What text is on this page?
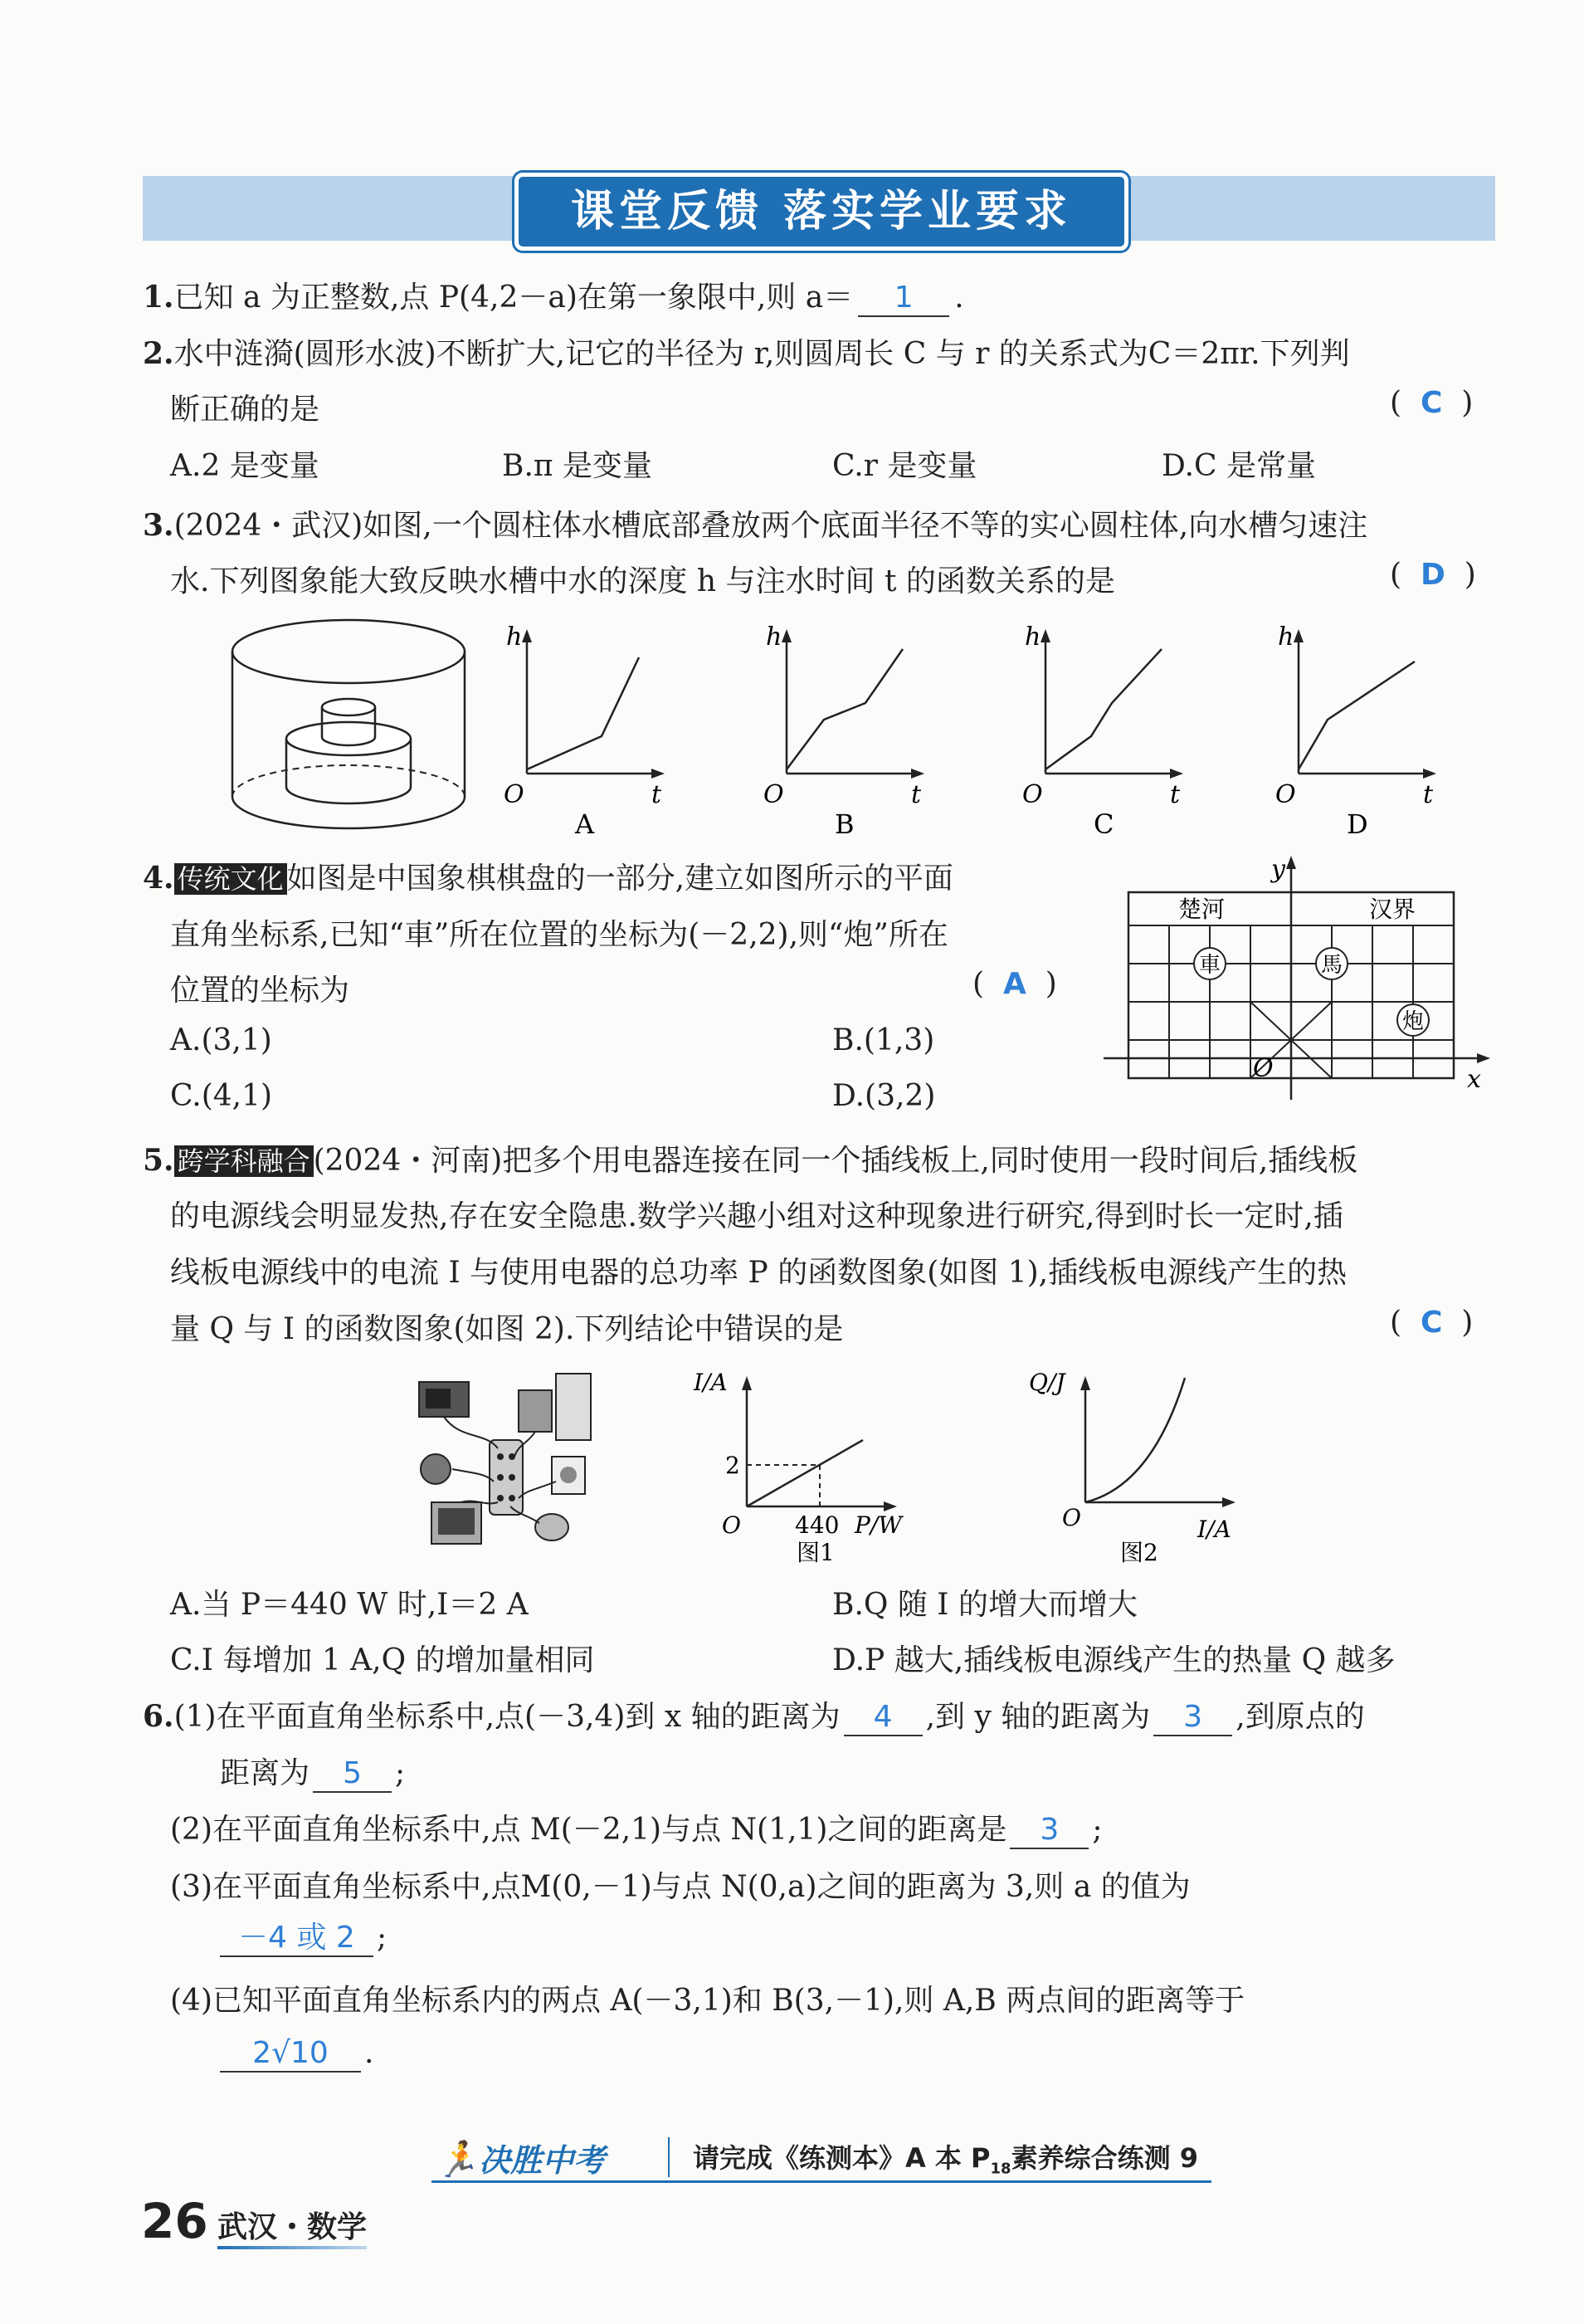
课堂反馈 落实学业要求
1.已知 a 为正整数,点 P(4,2－a)在第一象限中,则 a＝ 1 .
2.水中涟漪(圆形水波)不断扩大,记它的半径为 r,则圆周长 C 与 r 的关系式为C＝2πr.下列判
断正确的是	(  C  )
A.2 是变量	B.π 是变量	C.r 是变量	D.C 是常量
3.(2024・武汉)如图,一个圆柱体水槽底部叠放两个底面半径不等的实心圆柱体,向水槽匀速注
水.下列图象能大致反映水槽中水的深度 h 与注水时间 t 的函数关系的是	(  D  )
h
t
O
A
h
t
O
B
h
t
O
C
h
t
O
D
4. 传统文化 如图是中国象棋棋盘的一部分,建立如图所示的平面
直角坐标系,已知“車”所在位置的坐标为(－2,2),则“炮”所在
位置的坐标为	(  A  )
A.(3,1)	B.(1,3)
C.(4,1)	D.(3,2)
y
x
O
楚河	汉界
車	馬
炮
5. 跨学科融合 (2024・河南)把多个用电器连接在同一个插线板上,同时使用一段时间后,插线板
的电源线会明显发热,存在安全隐患.数学兴趣小组对这种现象进行研究,得到时长一定时,插
线板电源线中的电流 I 与使用电器的总功率 P 的函数图象(如图 1),插线板电源线产生的热
量 Q 与 I 的函数图象(如图 2).下列结论中错误的是	(  C  )
I/A
2
O 440 P/W
图1
Q/J
O	I/A
图2
A.当 P＝440 W 时,I＝2 A	B.Q 随 I 的增大而增大
C.I 每增加 1 A,Q 的增加量相同	D.P 越大,插线板电源线产生的热量 Q 越多
6.(1)在平面直角坐标系中,点(－3,4)到 x 轴的距离为 4 ,到 y 轴的距离为 3 ,到原点的
距离为 5 ;
(2)在平面直角坐标系中,点 M(－2,1)与点 N(1,1)之间的距离是 3 ;
(3)在平面直角坐标系中,点M(0,－1)与点 N(0,a)之间的距离为 3,则 a 的值为
－4 或 2 ;
(4)已知平面直角坐标系内的两点 A(－3,1)和 B(3,－1),则 A,B 两点间的距离等于
2√10 .
🏃决胜中考	请完成《练测本》A 本 $P_{18}$素养综合练测 9
26 武汉・数学
